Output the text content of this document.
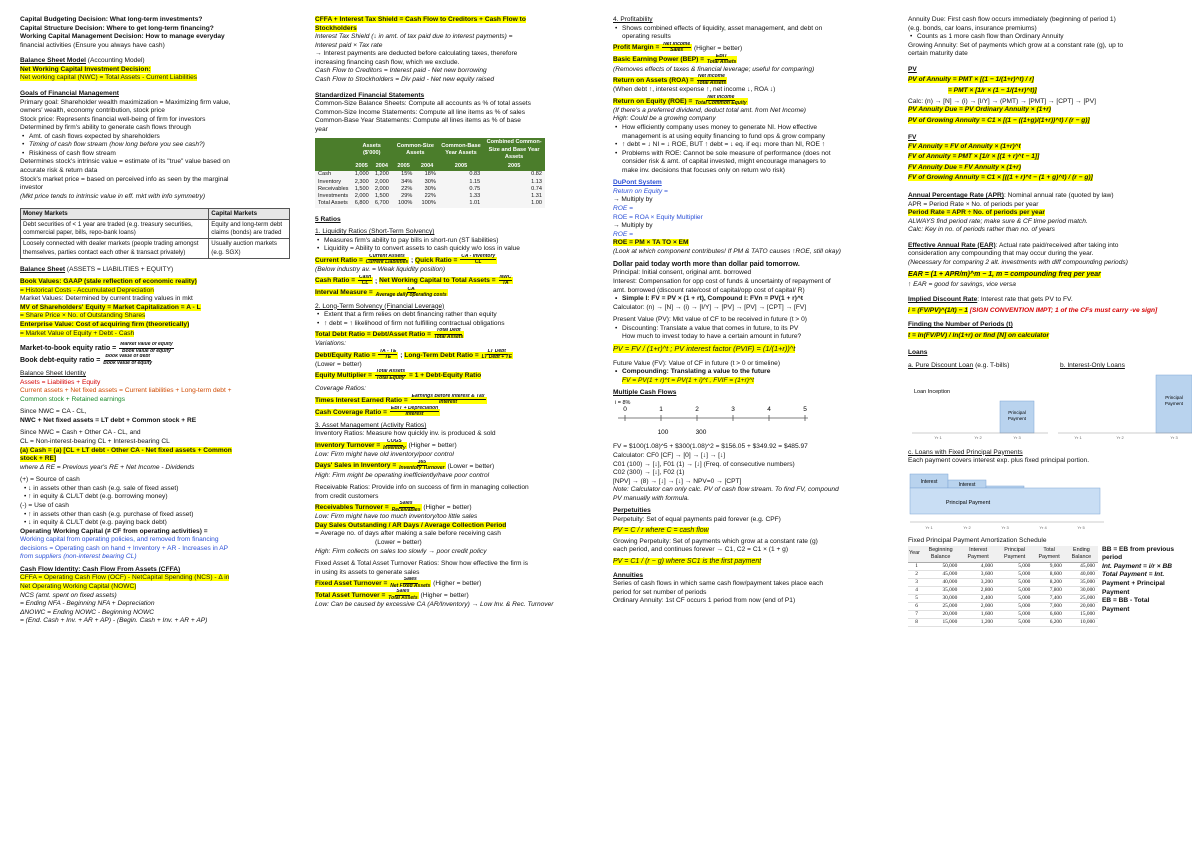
Capital Budgeting Decision: What long-term investments?
Capital Structure Decision: Where to get long-term financing?
Working Capital Management Decision: How to manage everyday
financial activities (Ensure you always have cash)
Balance Sheet Model (Accounting Model)
Net Working Capital Investment Decision:
Net working capital (NWC) = Total Assets - Current Liabilities
Goals of Financial Management
Primary goal: Shareholder wealth maximization = Maximizing firm value,
owners' wealth, economy contribution, stock price
Stock price: Represents financial well-being of firm for investors
Determined by firm's ability to generate cash flows through
• Amt. of cash flows expected by shareholders
• Timing of cash flow stream (how long before you see cash?)
• Riskiness of cash flow stream
Determines stock's intrinsic value = estimate of its "true" value based on
accurate risk & return data
Stock's market price = based on perceived info as seen by the marginal
investor
(Mkt price tends to intrinsic value in eff. mkt with info symmetry)
Money Markets	Capital Markets
Debt securities of < 1 year are traded (e.g. treasury securities, commercial paper, bills, repo-bank loans)	Equity and long-term debt claims (bonds) are traded
Loosely connected with dealer markets (people trading amongst themselves, parties contact each other & transact privately)	Usually auction markets (e.g. SGX)
Balance Sheet (ASSETS = LIABILITIES + EQUITY)
Book Values: GAAP (stale reflection of economic reality)
= Historical Costs - Accumulated Depreciation
Market Values: Determined by current trading values in mkt
MV of Shareholders' Equity = Market Capitalization = A - L
= Share Price × No. of Outstanding Shares
Enterprise Value: Cost of acquiring firm (theoretically)
= Market Value of Equity + Debt - Cash
Market-to-book equity ratio = $\frac{\text{Market value of equity}}{\text{Book value of equity}}$
Book debt-equity ratio = $\frac{\text{Book value of debt}}{\text{Book value of equity}}$
Balance Sheet Identity
Assets = Liabilities + Equity
Current assets + Net fixed assets = Current liabilities + Long-term debt +
Common stock + Retained earnings
Since NWC = CA - CL,
NWC + Net fixed assets = LT debt + Common stock + RE
Since NWC = Cash + Other CA - CL, and
CL = Non-interest-bearing CL + Interest-bearing CL
(a) Cash = (a) [CL + LT debt - Other CA - Net fixed assets + Common
stock + RE]
where Δ RE = Previous year's RE + Net Income - Dividends
(+) = Source of cash
• ↓ in assets other than cash (e.g. sale of fixed asset)
• ↑ in equity & CL/LT debt (e.g. borrowing money)
(-) = Use of cash
• ↑ in assets other than cash (e.g. purchase of fixed asset)
• ↓ in equity & CL/LT debt (e.g. paying back debt)
Operating Working Capital (≠ CF from operating activities) =
Working capital from operating policies, and removed from financing
decisions = Operating cash on hand + Inventory + AR - Increases in AP
from suppliers (non-interest bearing CL)
Cash Flow Identity: Cash Flow From Assets (CFFA)
CFFA = Operating Cash Flow (OCF) - NetCapital Spending (NCS) - Δ in
Net Operating Working Capital (NOWC)
NCS (amt. spent on fixed assets)
= Ending NFA - Beginning NFA + Depreciation
ΔNOWC = Ending NOWC - Beginning NOWC
= (End. Cash + Inv. + AR + AP) - (Begin. Cash + Inv. + AR + AP)
CFFA + Interest Tax Shield = Cash Flow to Creditors + Cash Flow to
Stockholders
Interest Tax Shield (↓ in amt. of tax paid due to interest payments) =
Interest paid × Tax rate
→ Interest payments are deducted before calculating taxes, therefore
increasing financing cash flow, which we exclude.
Cash Flow to Creditors = Interest paid - Net new borrowing
Cash Flow to Stockholders = Div paid - Net new equity raised
Standardized Financial Statements
Common-Size Balance Sheets: Compute all accounts as % of total assets
Common-Size Income Statements: Compute all line items as % of sales
Common-Base Year Statements: Compute all lines items as % of base
year
	Assets ($'000)		Common-Size Assets		Common-Base Year Assets	Combined Common-Size and Base Year Assets
	2005	2004	2005	2004	2005	2005
Cash	1,000	1,200	15%	18%	0.83	0.82
Inventory	2,300	2,000	34%	30%	1.15	1.13
Receivables	1,500	2,000	22%	30%	0.75	0.74
Investments	2,000	1,500	29%	22%	1.33	1.31
Total Assets	6,800	6,700	100%	100%	1.01	1.00
5 Ratios
1. Liquidity Ratios (Short-Term Solvency)
• Measures firm's ability to pay bills in short-run (ST liabilities)
• Liquidity = Ability to convert assets to cash quickly w/o loss in value
Current Ratio = $\frac{\text{Current Assets}}{\text{Current Liabilities}}$ ; Quick Ratio = $\frac{\text{CA - Inventory}}{CL}$
(Below industry av. = Weak liquidity position)
Cash Ratio = $\frac{\text{Cash}}{CL}$ ; Net Working Capital to Total Assets = $\frac{\text{NWC}}{TA}$
Interval Measure = $\frac{CA}{\text{Average daily operating costs}}$
2. Long-Term Solvency (Financial Leverage)
• Extent that a firm relies on debt financing rather than equity
• ↑ debt = ↑ likelihood of firm not fulfilling contractual obligations
Total Debt Ratio = Debt/Asset Ratio = $\frac{\text{Total Debt}}{\text{Total Assets}}$
Variations:
Debt/Equity Ratio = $\frac{TA - TE}{TE}$ ; Long-Term Debt Ratio = $\frac{\text{LT Debt}}{\text{LT Debt + TE}}$
(Lower = better)
Equity Multiplier = $\frac{\text{Total Assets}}{\text{Total Equity}} = 1$ + Debt-Equity Ratio
Coverage Ratios:
Times Interest Earned Ratio = $\frac{\text{Earnings Before Interest \& Tax}}{\text{Interest}}$
Cash Coverage Ratio = $\frac{\text{EBIT + Depreciation}}{\text{Interest}}$
3. Asset Management (Activity Ratios)
Inventory Ratios: Measure how quickly inv. is produced & sold
Inventory Turnover = $\frac{\text{COGS}}{\text{Inventory}}$ (Higher = better)
Low: Firm might have old inventory/poor control
Days' Sales in Inventory = $\frac{365}{\text{Inventory Turnover}}$ (Lower = better)
High: Firm might be operating inefficiently/have poor control
Receivable Ratios: Provide info on success of firm in managing collection
from credit customers
Receivables Turnover = $\frac{\text{Sales}}{\text{Receivables}}$ (Higher = better)
Low: Firm might have too much inventory/too little sales
Day Sales Outstanding / AR Days / Average Collection Period
= Average no. of days after making a sale before receiving cash
(Lower = better)
High: Firm collects on sales too slowly → poor credit policy
Fixed Asset & Total Asset Turnover Ratios: Show how effective the firm is
in using its assets to generate sales
Fixed Asset Turnover = $\frac{\text{Sales}}{\text{Net Fixed Assets}}$ (Higher = better)
Total Asset Turnover = $\frac{\text{Sales}}{\text{Total Assets}}$ (Higher = better)
Low: Can be caused by excessive CA (AR/Inventory) → Low Inv. & Rec. Turnover
4. Profitability
• Shows combined effects of liquidity, asset management, and debt on
operating results
Profit Margin = $\frac{\text{Net Income}}{\text{Sales}}$ (Higher = better)
Basic Earning Power $(BEP) = \frac{\text{EBIT}}{\text{Total Assets}}$
(Removes effects of taxes & financial leverage; useful for comparing)
Return on Assets $(ROA) = \frac{\text{Net Income}}{\text{Total Assets}}$
(When debt ↑, interest expense ↑, net income ↓, ROA ↓)
Return on Equity $(ROE) = \frac{\text{Net Income}}{\text{Total Common Equity}}$
(If there's a preferred dividend, deduct total amt. from Net Income)
High: Could be a growing company
• How efficiently company uses money to generate NI. How effective
management is at using equity financing to fund ops & grow company
• ↑ debt = ↓ NI = ↓ ROE, BUT ↑ debt = ↓ eq. if eq↓ more than NI, ROE ↑
• Problems with ROE: Cannot be sole measure of performance (does not
consider risk & amt. of capital invested, might encourage managers to
make inv. decisions that focuses only on return w/o risk)
DuPont System
Return on Equity =
→ Multiply by
ROE =
ROE = ROA × Equity Multiplier
→ Multiply by
ROE =
ROE = PM × TA TO × EM
(Look at which component contributes! If PM & TATO causes ↑ROE, still okay)
Dollar paid today worth more than dollar paid tomorrow.
Principal: Initial consent, original amt. borrowed
Interest: Compensation for opp cost of funds & uncertainty of repayment of
amt. borrowed (discount rate/cost of capital/opp cost of capital/ R)
• Simple I: FV = PV × (1 + rt), Compound I: FVn = PV(1 + r)^t
Calculator: (n) → [N] → (i) → [I/Y] → [PV] → [PV] → [CPT] → [FV]
Present Value (PV): Mkt value of CF to be received in future (t > 0)
• Discounting: Translate a value that comes in future, to its PV
How much to invest today to have a certain amount in future?
PV = FV / (1+r)^t ; PV interest factor (PVIF) = (1/(1+r))^t
Future Value (FV): Value of CF in future (t > 0 or timeline)
• Compounding: Translating a value to the future
FV = PV(1 + r)^t = PV(1 + i)^t , FVIF = (1+r)^t
Multiple Cash Flows
i = 8%
0	1	2	3	4	5
100	300
FV = $100(1.08)^5 + $300(1.08)^2 = $156.05 + $349.92 = $485.97
Calculator: CF0 [CF] → [0] → [↓] → [↓]
C01 (100) → [↓], F01 (1) → [↓] (Freq. of consecutive numbers)
C02 (300) → [↓], F02 (1)
[NPV] → (8) → [↓] → [↓] → NPV=0 → [CPT]
Note: Calculator can only calc. PV of cash flow stream. To find FV, compound
PV manually with formula.
Perpetuities
Perpetuity: Set of equal payments paid forever (e.g. CPF)
PV = C / r where C = cash flow
Growing Perpetuity: Set of payments which grow at a constant rate (g)
each period, and continues forever → C1, C2 = C1 × (1 + g)
PV = C1 / (r − g) where SC1 is the first payment
Annuities
Series of cash flows in which same cash flow/payment takes place each
period for set number of periods
Ordinary Annuity: 1st CF occurs 1 period from now (end of P1)
Annuity Due: First cash flow occurs immediately (beginning of period 1)
(e.g. bonds, car loans, insurance premiums)
• Counts as 1 more cash flow than Ordinary Annuity
Growing Annuity: Set of payments which grow at a constant rate (g), up to
certain maturity date
PV
PV of Annuity = PMT × [(1 − 1/(1+r)^t) / r]
= PMT × [1/r × (1 − 1/(1+r)^t)]
Calc: (n) → [N] → (i) → [I/Y] → (PMT) → [PMT] → [CPT] → [PV]
PV Annuity Due = PV Ordinary Annuity × (1+r)
PV of Growing Annuity = C1 × [(1 − ((1+g)/(1+r))^t) / (r − g)]
FV
FV Annuity = FV of Annuity × (1+r)^t
FV of Annuity = PMT × [1/r × [(1 + r)^t − 1]]
FV Annuity Due = FV Annuity × (1+r)
FV of Growing Annuity = C1 × [((1 + r)^t − (1 + g)^t) / (r − g)]
Annual Percentage Rate (APR): Nominal annual rate (quoted by law)
APR = Period Rate × No. of periods per year
Period Rate = APR ÷ No. of periods per year
ALWAYS find period rate; make sure & CF time period match.
Calc: Key in no. of periods rather than no. of years
Effective Annual Rate (EAR): Actual rate paid/received after taking into
consideration any compounding that may occur during the year.
(Necessary for comparing 2 alt. investments with diff compounding periods)
EAR = (1 + APR/m)^m − 1, m = compounding freq per year
↑ EAR = good for savings, vice versa
Implied Discount Rate: Interest rate that gets PV to FV.
i = (FV/PV)^(1/t) − 1 [SIGN CONVENTION IMPT; 1 of the CFs must carry -ve sign]
Finding the Number of Periods (t)
t = ln(FV/PV) / ln(1+r) or find [N] on calculator
Loans
a. Pure Discount Loan (e.g. T-bills)	b. Interest-Only Loans
Loan Inception
Principal
Payment
Yr 1	Yr 2	Yr 3
Principal
Payment
Yr 1	Yr 2	Yr 3
c. Loans with Fixed Principal Payments
Each payment covers interest exp. plus fixed principal portion.
Interest	Interest
Principal Payment
Yr 1	Yr 2	Yr 3	Yr 4	Yr 5
Fixed Principal Payment Amortization Schedule
Year	Beginning Balance	Interest Payment	Principal Payment	Total Payment	Ending Balance
1	50,000	4,000	5,000	9,000	45,000
2	45,000	3,600	5,000	8,600	40,000
3	40,000	3,200	5,000	8,200	35,000
4	35,000	2,800	5,000	7,800	30,000
5	30,000	2,400	5,000	7,400	25,000
6	25,000	2,000	5,000	7,000	20,000
7	20,000	1,600	5,000	6,600	15,000
8	15,000	1,200	5,000	6,200	10,000
BB = EB from previous
period
Int. Payment = i/r × BB
Total Payment = Int.
Payment + Principal
Payment
EB = BB - Total
Payment
